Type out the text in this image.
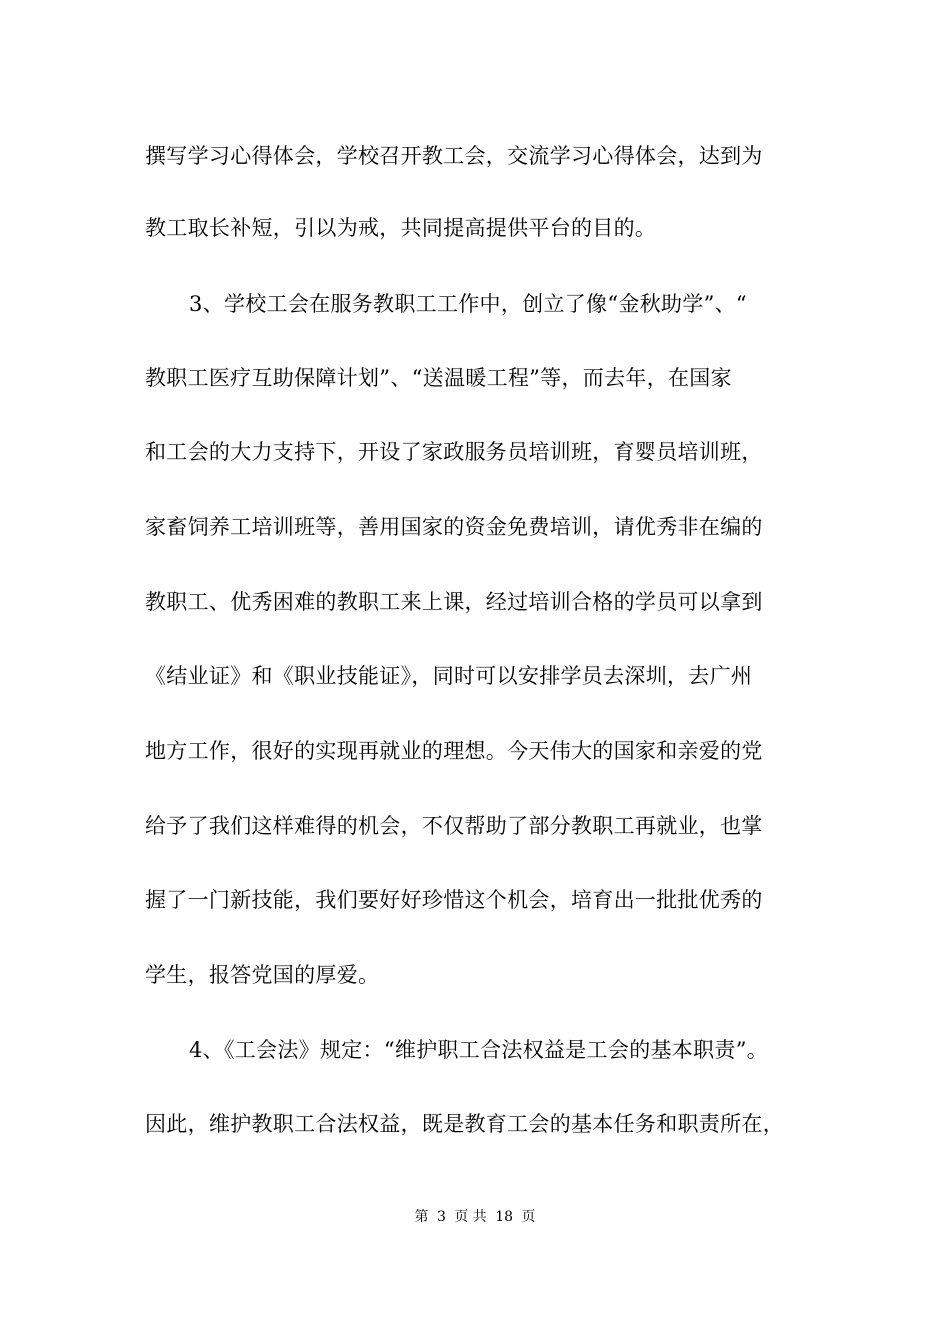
撰写学习心得体会，学校召开教工会，交流学习心得体会，达到为
教工取长补短，引以为戒，共同提高提供平台的目的。
3、学校工会在服务教职工工作中，创立了像“金秋助学”、“
教职工医疗互助保障计划”、“送温暖工程”等，而去年，在国家
和工会的大力支持下，开设了家政服务员培训班，育婴员培训班，
家畜饲养工培训班等，善用国家的资金免费培训，请优秀非在编的
教职工、优秀困难的教职工来上课，经过培训合格的学员可以拿到
《结业证》和《职业技能证》，同时可以安排学员去深圳，去广州
地方工作，很好的实现再就业的理想。今天伟大的国家和亲爱的党
给予了我们这样难得的机会，不仅帮助了部分教职工再就业，也掌
握了一门新技能，我们要好好珍惜这个机会，培育出一批批优秀的
学生，报答党国的厚爱。
4、《工会法》规定：“维护职工合法权益是工会的基本职责”。
因此，维护教职工合法权益，既是教育工会的基本任务和职责所在，
第 3 页 共 18 页
